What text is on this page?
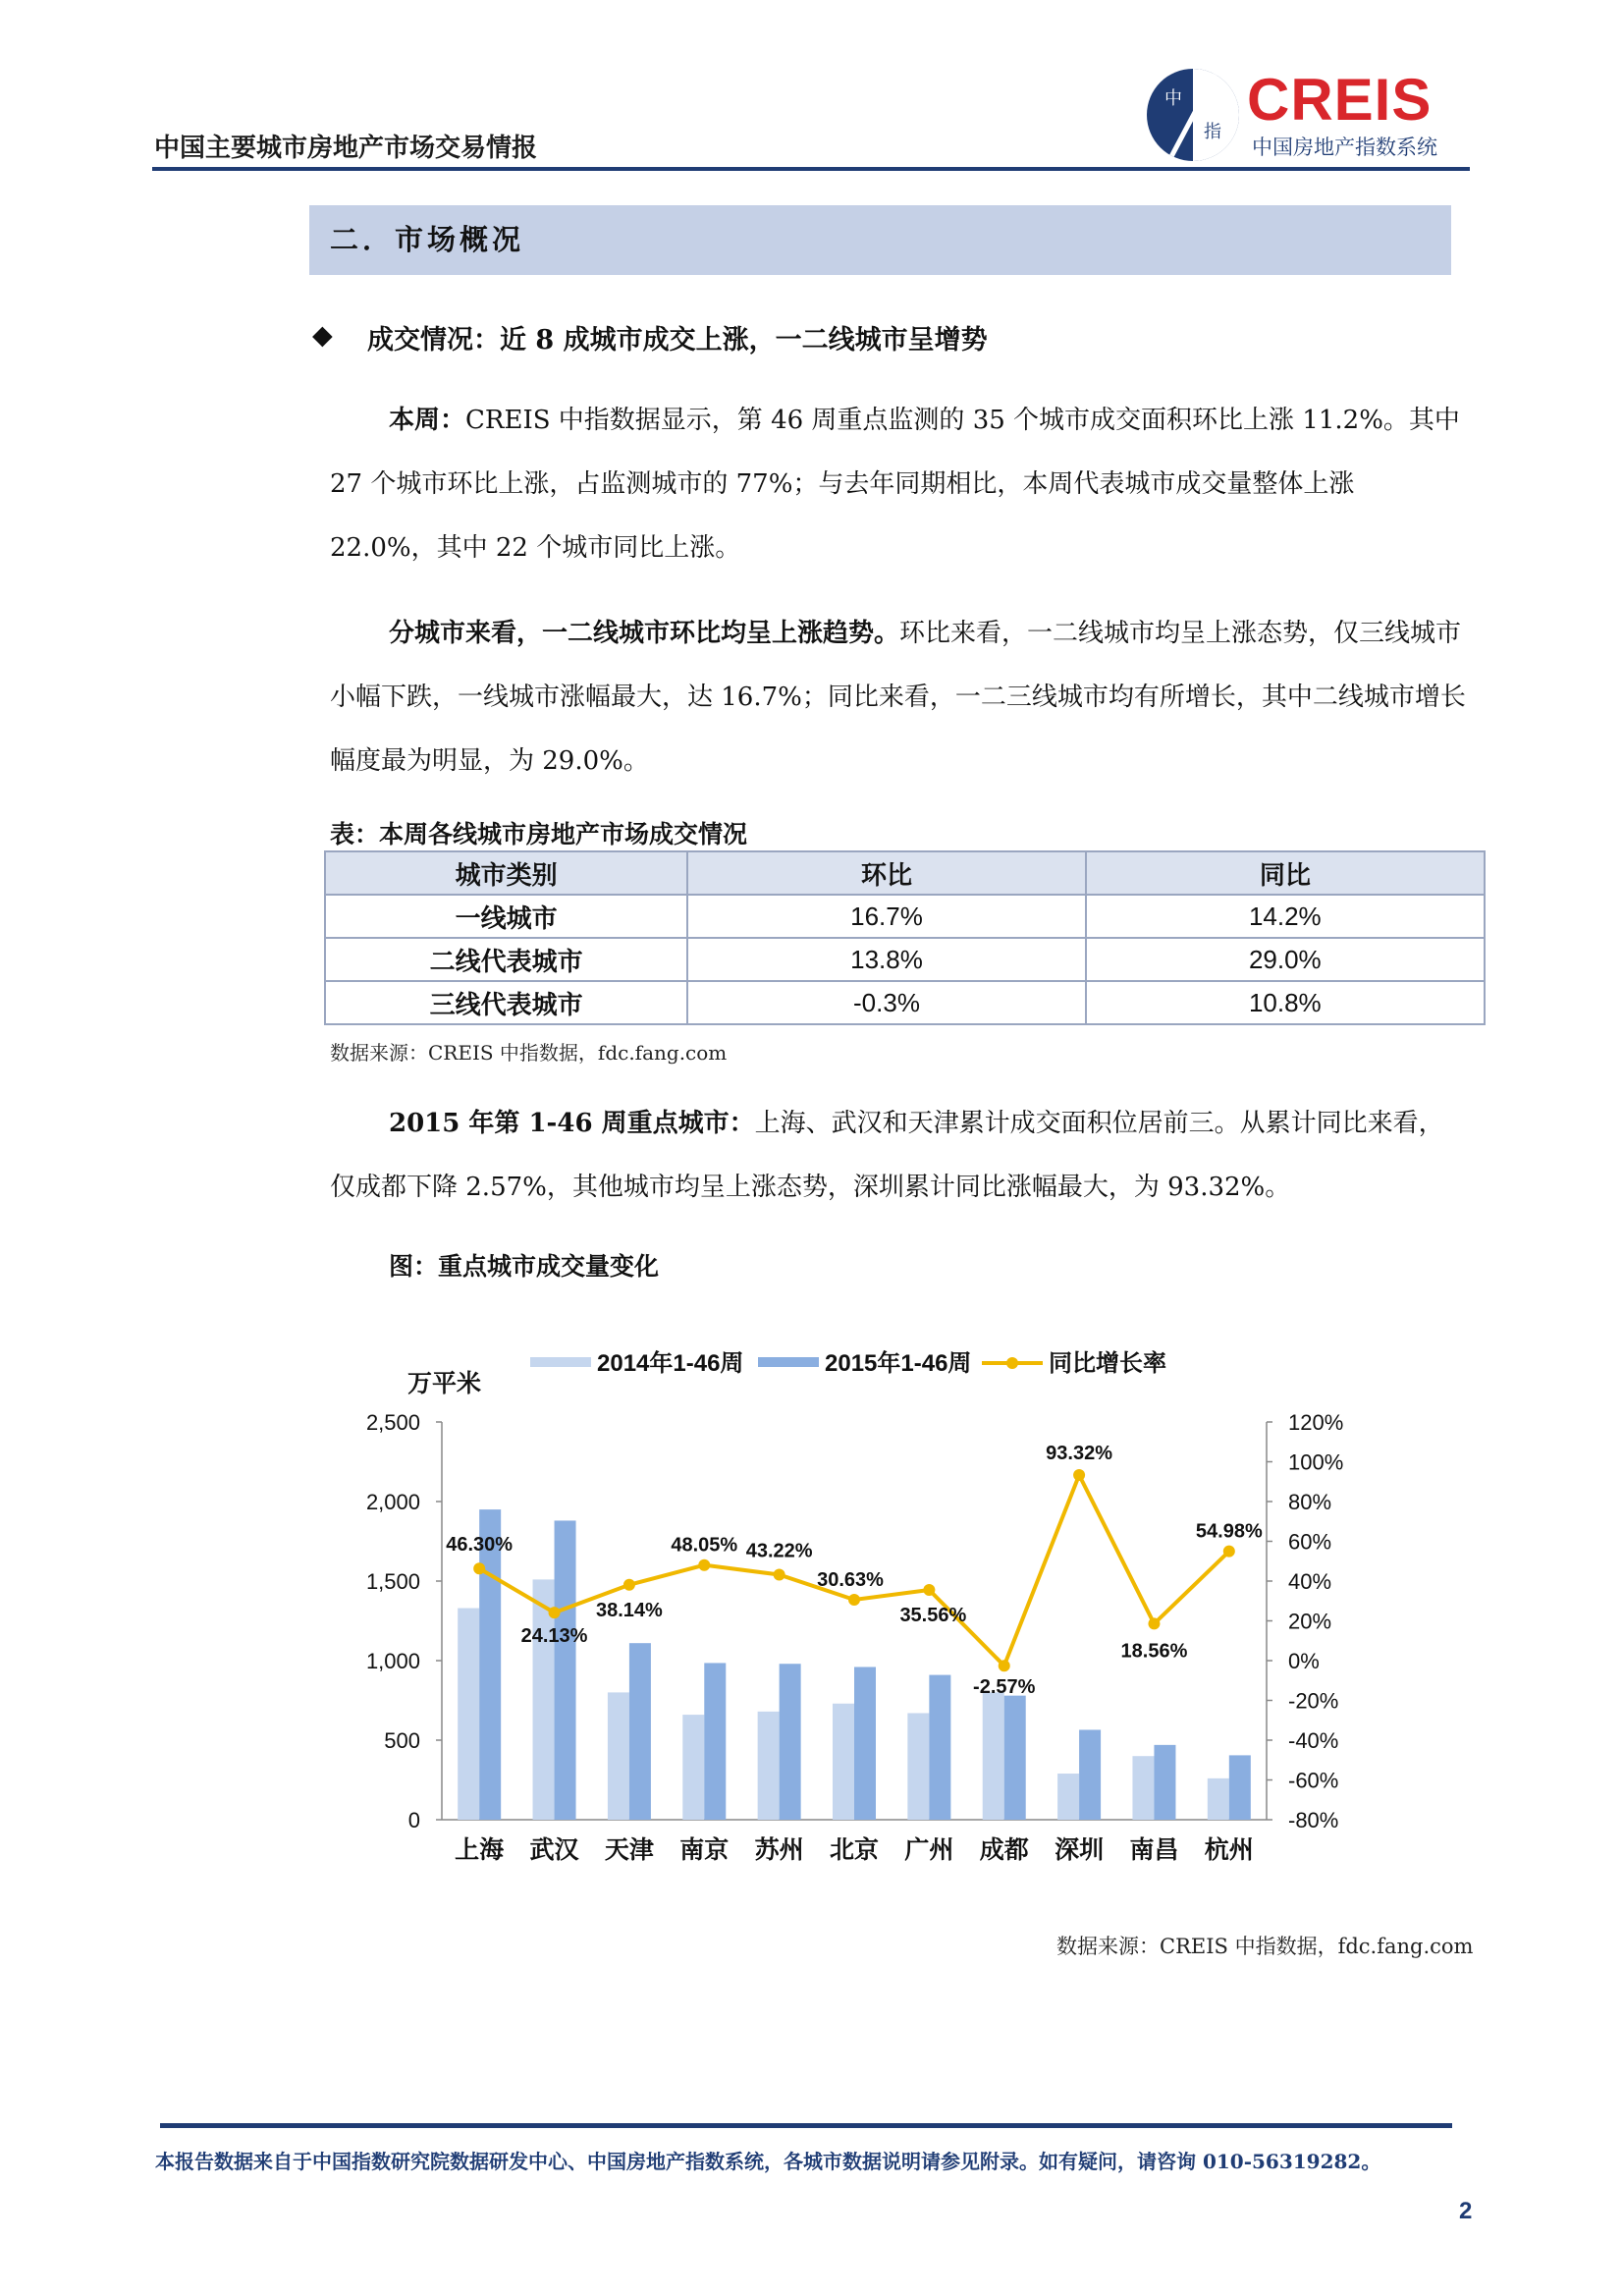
中国主要城市房地产市场交易情报
中
指 CREIS
中国房地产指数系统
二．市场概况
◆ 成交情况：近 8 成城市成交上涨，一二线城市呈增势
本周：CREIS 中指数据显示，第 46 周重点监测的 35 个城市成交面积环比上涨 11.2%。其中 27 个城市环比上涨，占监测城市的 77%；与去年同期相比，本周代表城市成交量整体上涨 22.0%，其中 22 个城市同比上涨。
分城市来看，一二线城市环比均呈上涨趋势。环比来看，一二线城市均呈上涨态势，仅三线城市小幅下跌，一线城市涨幅最大，达 16.7%；同比来看，一二三线城市均有所增长，其中二线城市增长幅度最为明显，为 29.0%。
表：本周各线城市房地产市场成交情况
城市类别	环比	同比
一线城市	16.7%	14.2%
二线代表城市	13.8%	29.0%
三线代表城市	-0.3%	10.8%
数据来源：CREIS 中指数据，fdc.fang.com
2015 年第 1-46 周重点城市：上海、武汉和天津累计成交面积位居前三。从累计同比来看，仅成都下降 2.57%，其他城市均呈上涨态势，深圳累计同比涨幅最大，为 93.32%。
图：重点城市成交量变化
0
500
1,000
1,500
2,000
2,500
-80%
-60%
-40%
-20%
0%
20%
40%
60%
80%
100%
120%
万平米
上海 武汉 天津 南京 苏州 北京 广州 成都 深圳 南昌 杭州
46.30%
24.13%
38.14%
48.05% 43.22%
30.63%
35.56%
-2.57%
93.32%
18.56%
54.98%
2014年1-46周	2015年1-46周	同比增长率
数据来源：CREIS 中指数据，fdc.fang.com
本报告数据来自于中国指数研究院数据研发中心、中国房地产指数系统，各城市数据说明请参见附录。如有疑问，请咨询 010-56319282。
2
